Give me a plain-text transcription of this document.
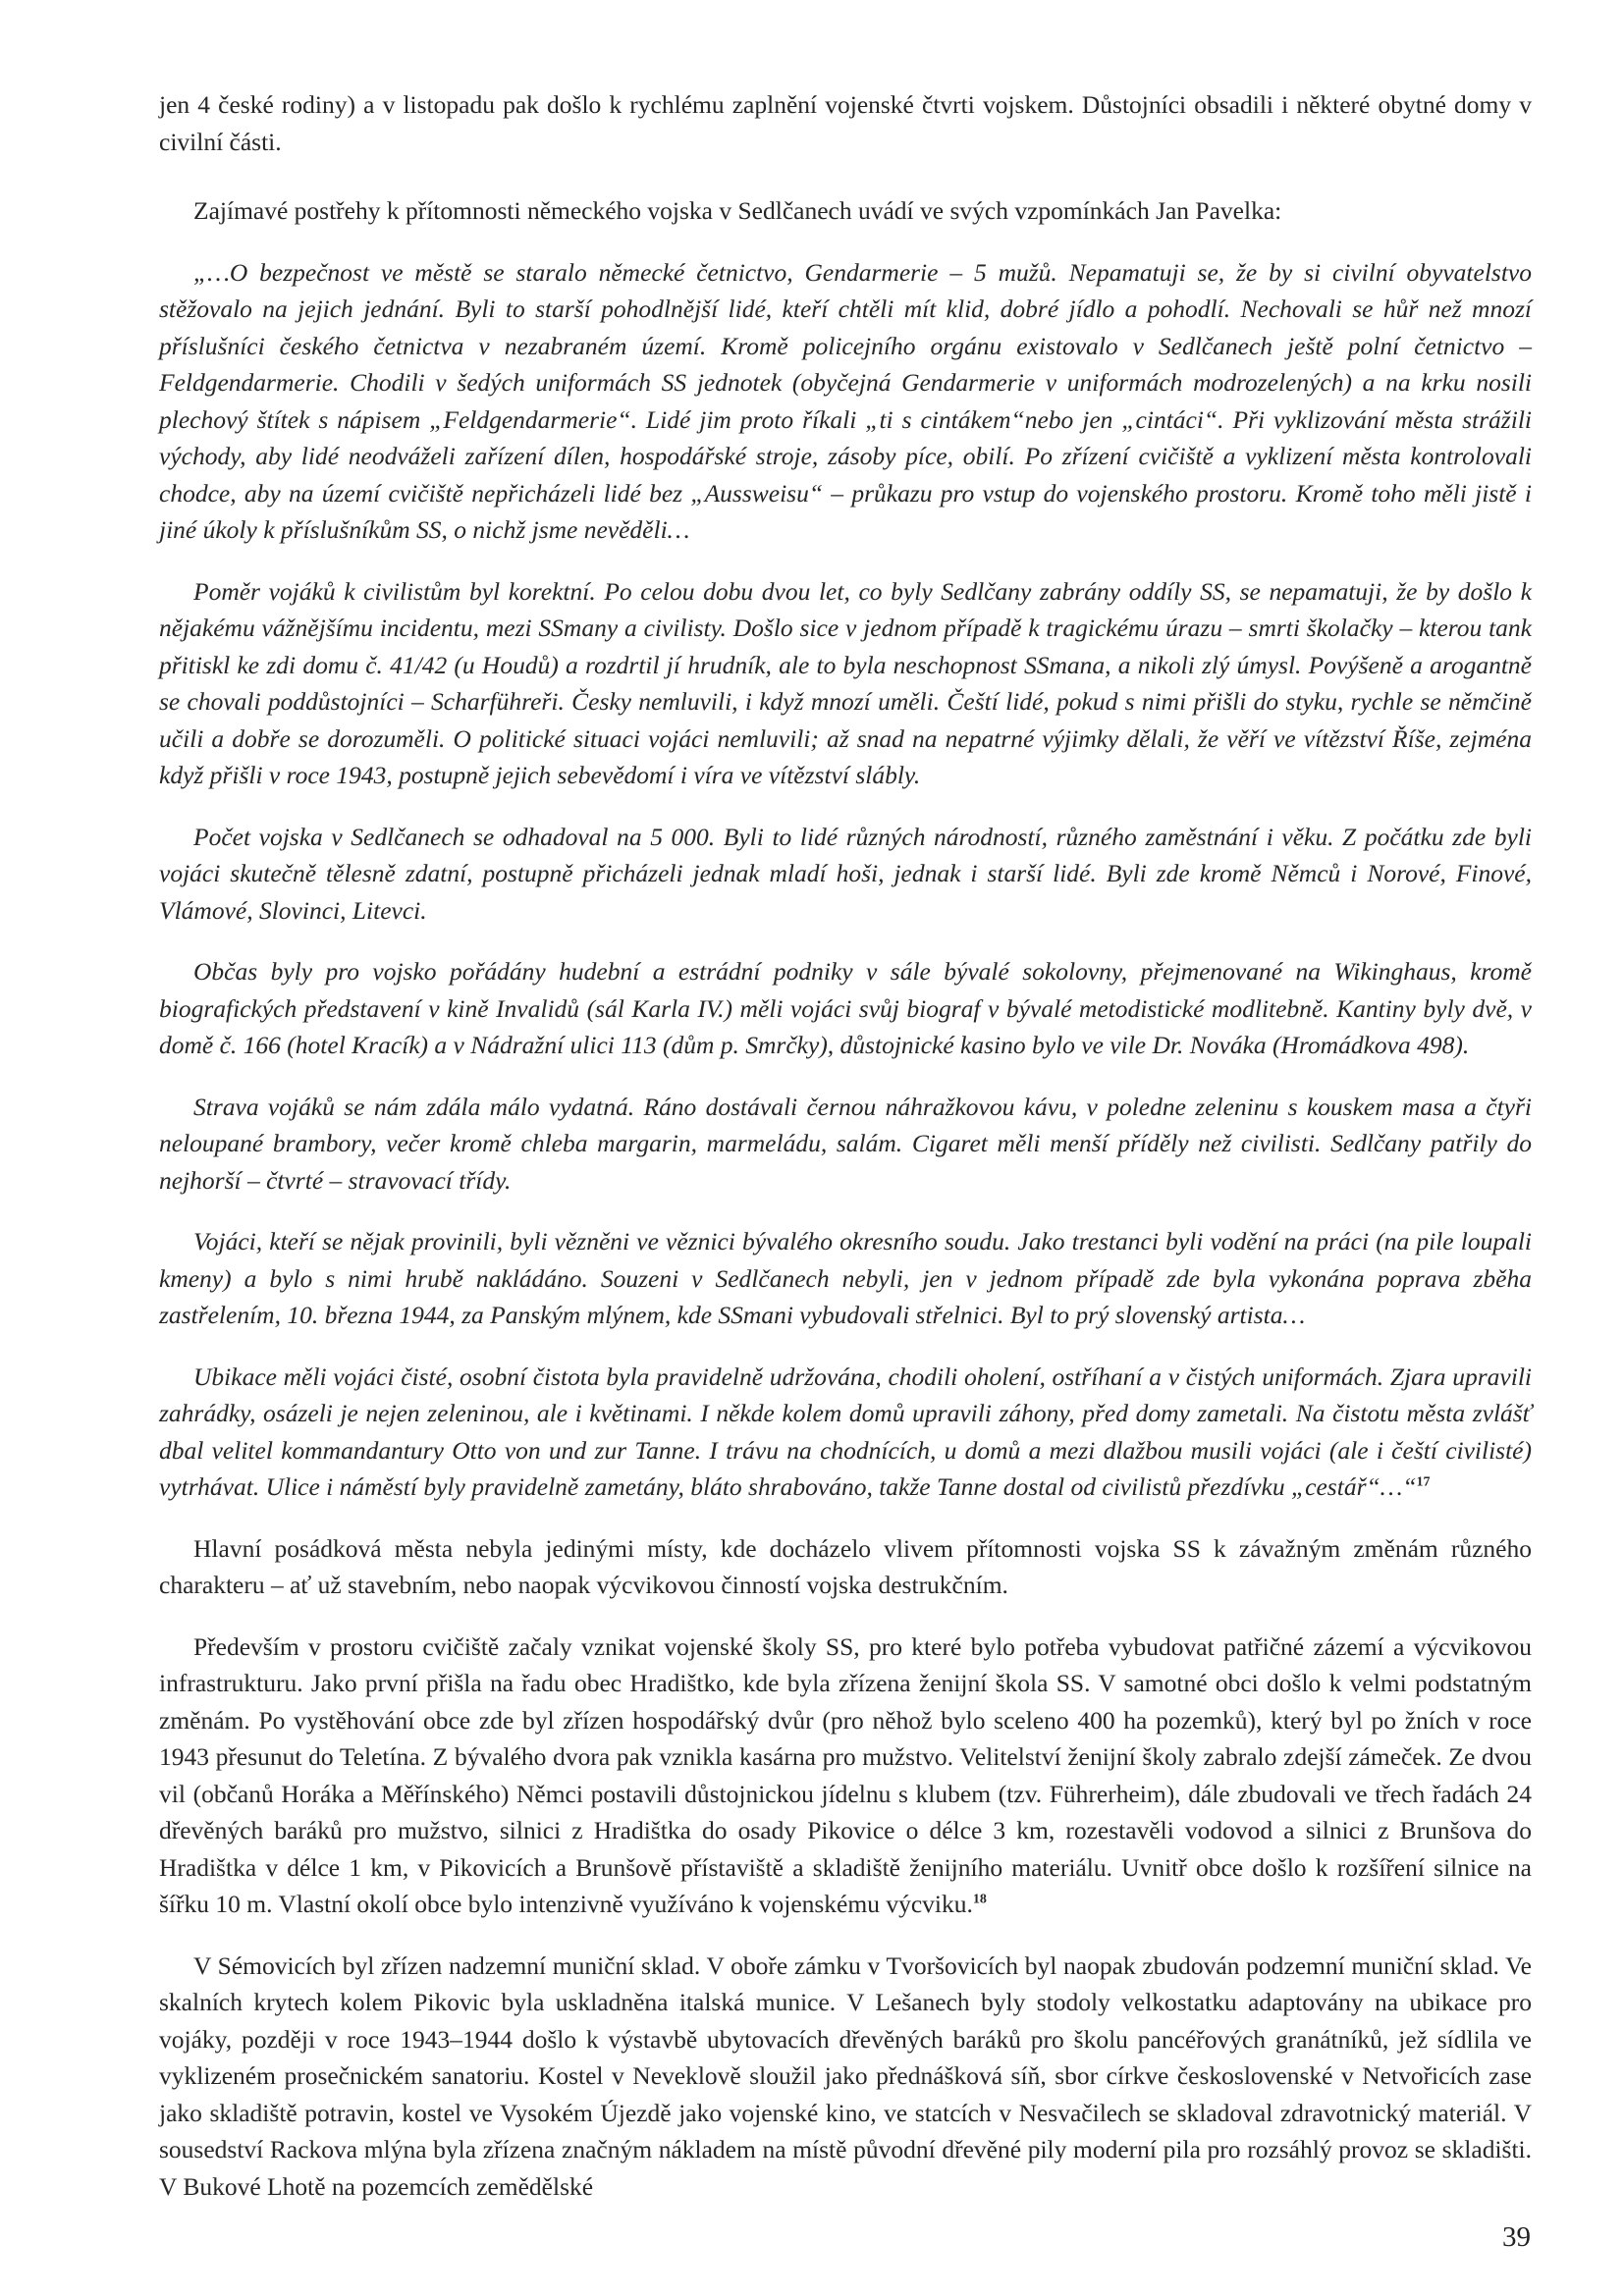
jen 4 české rodiny) a v listopadu pak došlo k rychlému zaplnění vojenské čtvrti vojskem. Důstojníci obsadili i některé obytné domy v civilní části.

Zajímavé postřehy k přítomnosti německého vojska v Sedlčanech uvádí ve svých vzpomínkách Jan Pavelka:

„…O bezpečnost ve městě se staralo německé četnictvo, Gendarmerie – 5 mužů. Nepamatuji se, že by si civilní obyvatelstvo stěžovalo na jejich jednání. Byli to starší pohodlnější lidé, kteří chtěli mít klid, dobré jídlo a pohodlí. Nechovali se hůř než mnozí příslušníci českého četnictva v nezabraném území. Kromě policejního orgánu existovalo v Sedlčanech ještě polní četnictvo – Feldgendarmerie. Chodili v šedých uniformách SS jednotek (obyčejná Gendarmerie v uniformách modrozelených) a na krku nosili plechový štítek s nápisem „Feldgendarmerie“. Lidé jim proto říkali „ti s cintákem“nebo jen „cintáci“. Při vyklizování města strážili východy, aby lidé neodváželi zařízení dílen, hospodářské stroje, zásoby píce, obilí. Po zřízení cvičiště a vyklizení města kontrolovali chodce, aby na území cvičiště nepřicházeli lidé bez „Aussweisu“ – průkazu pro vstup do vojenského prostoru. Kromě toho měli jistě i jiné úkoly k příslušníkům SS, o nichž jsme nevěděli…

Poměr vojáků k civilistům byl korektní. Po celou dobu dvou let, co byly Sedlčany zabrány oddíly SS, se nepamatuji, že by došlo k nějakému vážnějšímu incidentu, mezi SSmany a civilisty. Došlo sice v jednom případě k tragickému úrazu – smrti školačky – kterou tank přitiskl ke zdi domu č. 41/42 (u Houdů) a rozdrtil jí hrudník, ale to byla neschopnost SSmana, a nikoli zlý úmysl. Povýšeně a arogantně se chovali poddůstojníci – Scharführeři. Česky nemluvili, i když mnozí uměli. Čeští lidé, pokud s nimi přišli do styku, rychle se němčině učili a dobře se dorozuměli. O politické situaci vojáci nemluvili; až snad na nepatrné výjimky dělali, že věří ve vítězství Říše, zejména když přišli v roce 1943, postupně jejich sebevědomí i víra ve vítězství slábly.

Počet vojska v Sedlčanech se odhadoval na 5 000. Byli to lidé různých národností, různého zaměstnání i věku. Z počátku zde byli vojáci skutečně tělesně zdatní, postupně přicházeli jednak mladí hoši, jednak i starší lidé. Byli zde kromě Němců i Norové, Finové, Vlámové, Slovinci, Litevci.

Občas byly pro vojsko pořádány hudební a estrádní podniky v sále bývalé sokolovny, přejmenované na Wikinghaus, kromě biografických představení v kině Invalidů (sál Karla IV.) měli vojáci svůj biograf v bývalé metodistické modlitebně. Kantiny byly dvě, v domě č. 166 (hotel Kracík) a v Nádražní ulici 113 (dům p. Smrčky), důstojnické kasino bylo ve vile Dr. Nováka (Hromádkova 498).

Strava vojáků se nám zdála málo vydatná. Ráno dostávali černou náhražkovou kávu, v poledne zeleninu s kouskem masa a čtyři neloupané brambory, večer kromě chleba margarin, marmeládu, salám. Cigaret měli menší příděly než civilisti. Sedlčany patřily do nejhorší – čtvrté – stravovací třídy.

Vojáci, kteří se nějak provinili, byli vězněni ve věznici bývalého okresního soudu. Jako trestanci byli vodění na práci (na pile loupali kmeny) a bylo s nimi hrubě nakládáno. Souzeni v Sedlčanech nebyli, jen v jednom případě zde byla vykonána poprava zběha zastřelením, 10. března 1944, za Panským mlýnem, kde SSmani vybudovali střelnici. Byl to prý slovenský artista…

Ubikace měli vojáci čisté, osobní čistota byla pravidelně udržována, chodili oholení, ostříhaní a v čistých uniformách. Zjara upravili zahrádky, osázeli je nejen zeleninou, ale i květinami. I někde kolem domů upravili záhony, před domy zametali. Na čistotu města zvlášť dbal velitel kommandantury Otto von und zur Tanne. I trávu na chodnících, u domů a mezi dlažbou musili vojáci (ale i čeští civilisté) vytrhávat. Ulice i náměstí byly pravidelně zametány, bláto shrabováno, takže Tanne dostal od civilistů přezdívku „cestář“…“$^{17}$

Hlavní posádková města nebyla jedinými místy, kde docházelo vlivem přítomnosti vojska SS k závažným změnám různého charakteru – ať už stavebním, nebo naopak výcvikovou činností vojska destrukčním.

Především v prostoru cvičiště začaly vznikat vojenské školy SS, pro které bylo potřeba vybudovat patřičné zázemí a výcvikovou infrastrukturu. Jako první přišla na řadu obec Hradištko, kde byla zřízena ženijní škola SS. V samotné obci došlo k velmi podstatným změnám. Po vystěhování obce zde byl zřízen hospodářský dvůr (pro něhož bylo sceleno 400 ha pozemků), který byl po žních v roce 1943 přesunut do Teletína. Z bývalého dvora pak vznikla kasárna pro mužstvo. Velitelství ženijní školy zabralo zdejší zámeček. Ze dvou vil (občanů Horáka a Měřínského) Němci postavili důstojnickou jídelnu s klubem (tzv. Führerheim), dále zbudovali ve třech řadách 24 dřevěných baráků pro mužstvo, silnici z Hradištka do osady Pikovice o délce 3 km, rozestavěli vodovod a silnici z Brunšova do Hradištka v délce 1 km, v Pikovicích a Brunšově přístaviště a skladiště ženijního materiálu. Uvnitř obce došlo k rozšíření silnice na šířku 10 m. Vlastní okolí obce bylo intenzivně využíváno k vojenskému výcviku.$^{18}$

V Sémovicích byl zřízen nadzemní muniční sklad. V oboře zámku v Tvoršovicích byl naopak zbudován podzemní muniční sklad. Ve skalních krytech kolem Pikovic byla uskladněna italská munice. V Lešanech byly stodoly velkostatku adaptovány na ubikace pro vojáky, později v roce 1943–1944 došlo k výstavbě ubytovacích dřevěných baráků pro školu pancéřových granátníků, jež sídlila ve vyklizeném prosečnickém sanatoriu. Kostel v Neveklově sloužil jako přednášková síň, sbor církve československé v Netvořicích zase jako skladiště potravin, kostel ve Vysokém Újezdě jako vojenské kino, ve statcích v Nesvačilech se skladoval zdravotnický materiál. V sousedství Rackova mlýna byla zřízena značným nákladem na místě původní dřevěné pily moderní pila pro rozsáhlý provoz se skladišti. V Bukové Lhotě na pozemcích zemědělské

39
